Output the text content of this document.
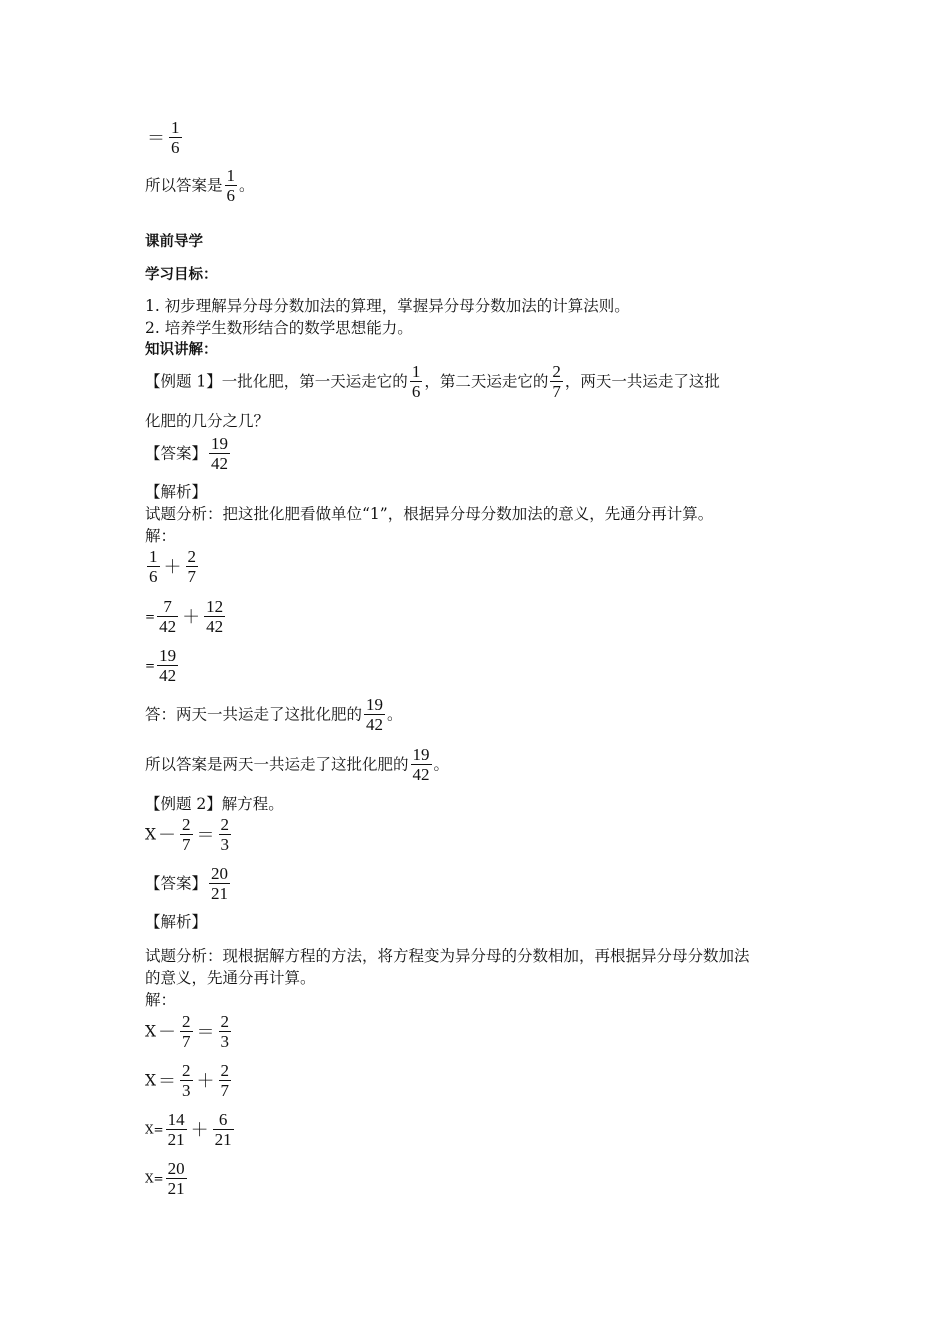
＝ $\frac{1}{6}$
所以答案是 $\frac{1}{6}$ 。
课前导学
学习目标：
1. 初步理解异分母分数加法的算理，掌握异分母分数加法的计算法则。
2. 培养学生数形结合的数学思想能力。
知识讲解：
【例题 1】一批化肥，第一天运走它的 $\frac{1}{6}$ ，第二天运走它的 $\frac{2}{7}$ ，两天一共运走了这批
化肥的几分之几？
【答案】 $\frac{19}{42}$
【解析】
试题分析：把这批化肥看做单位“1”，根据异分母分数加法的意义，先通分再计算。
解：
$\frac{1}{6} + \frac{2}{7}$
= $\frac{7}{42} + \frac{12}{42}$
= $\frac{19}{42}$
答：两天一共运走了这批化肥的 $\frac{19}{42}$ 。
所以答案是两天一共运走了这批化肥的 $\frac{19}{42}$ 。
【例题 2】解方程。
$X - \frac{2}{7} = \frac{2}{3}$
【答案】 $\frac{20}{21}$
【解析】
试题分析：现根据解方程的方法，将方程变为异分母的分数相加，再根据异分母分数加法
的意义，先通分再计算。
解：
$X - \frac{2}{7} = \frac{2}{3}$
$X = \frac{2}{3} + \frac{2}{7}$
$X= \frac{14}{21} + \frac{6}{21}$
$X= \frac{20}{21}$
